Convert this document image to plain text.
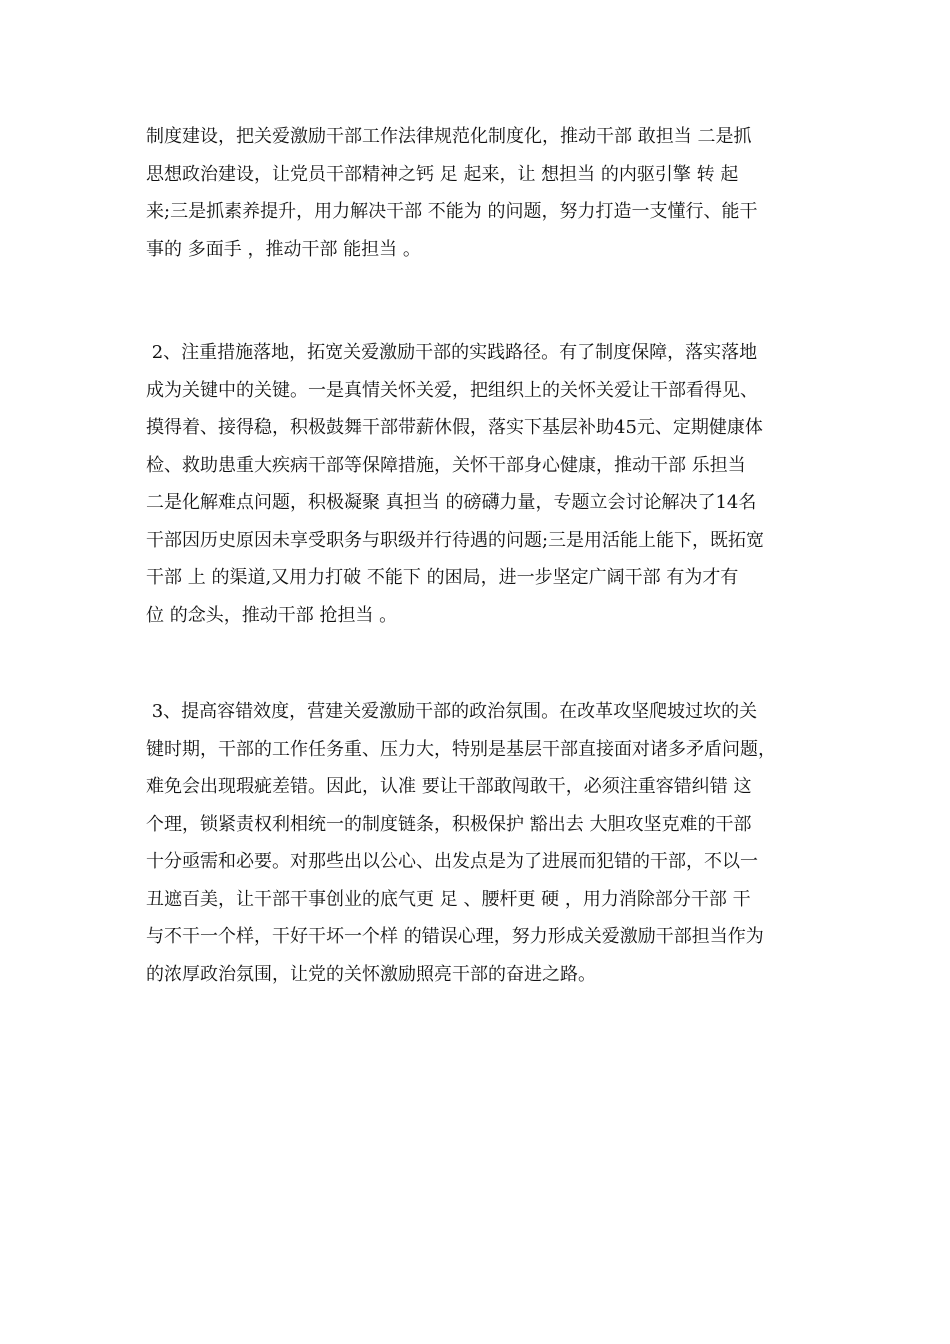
制度建设，把关爱激励干部工作法律规范化制度化，推动干部 敢担当 二是抓
思想政治建设，让党员干部精神之钙 足 起来，让 想担当 的内驱引擎 转 起
来;三是抓素养提升，用力解决干部 不能为 的问题，努力打造一支懂行、能干
事的 多面手 ，推动干部 能担当 。
2、注重措施落地，拓宽关爱激励干部的实践路径。有了制度保障，落实落地
成为关键中的关键。一是真情关怀关爱，把组织上的关怀关爱让干部看得见、
摸得着、接得稳，积极鼓舞干部带薪休假，落实下基层补助45元、定期健康体
检、救助患重大疾病干部等保障措施，关怀干部身心健康，推动干部 乐担当
二是化解难点问题，积极凝聚 真担当 的磅礴力量，专题立会讨论解决了14名
干部因历史原因未享受职务与职级并行待遇的问题;三是用活能上能下，既拓宽
干部 上 的渠道,又用力打破 不能下 的困局，进一步坚定广阔干部 有为才有
位 的念头，推动干部 抢担当 。
3、提高容错效度，营建关爱激励干部的政治氛围。在改革攻坚爬坡过坎的关
键时期，干部的工作任务重、压力大，特别是基层干部直接面对诸多矛盾问题，
难免会出现瑕疵差错。因此，认准 要让干部敢闯敢干，必须注重容错纠错 这
个理，锁紧责权利相统一的制度链条，积极保护 豁出去 大胆攻坚克难的干部
十分亟需和必要。对那些出以公心、出发点是为了进展而犯错的干部，不以一
丑遮百美，让干部干事创业的底气更 足 、腰杆更 硬 ，用力消除部分干部 干
与不干一个样，干好干坏一个样 的错误心理，努力形成关爱激励干部担当作为
的浓厚政治氛围，让党的关怀激励照亮干部的奋进之路。
